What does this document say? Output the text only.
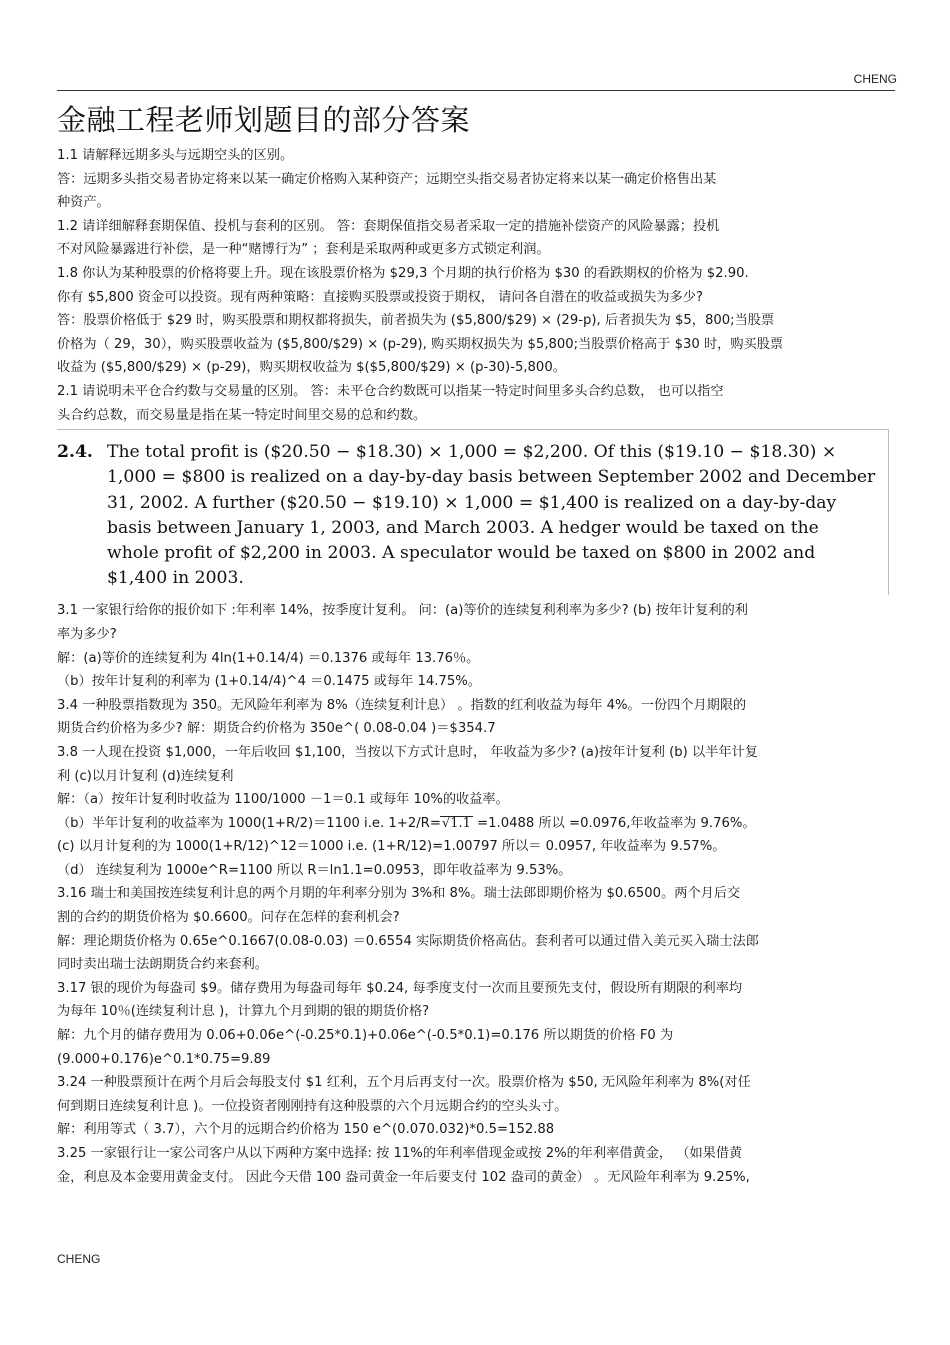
CHENG
金融工程老师划题目的部分答案

1.1 请解释远期多头与远期空头的区别。

答：远期多头指交易者协定将来以某一确定价格购入某种资产；远期空头指交易者协定将来以某一确定价格售出某

种资产。

1.2 请详细解释套期保值、投机与套利的区别。 答：套期保值指交易者采取一定的措施补偿资产的风险暴露；投机

不对风险暴露进行补偿，是一种“赌博行为” ；套利是采取两种或更多方式锁定利润。

1.8 你认为某种股票的价格将要上升。现在该股票价格为 $29,3 个月期的执行价格为 $30 的看跌期权的价格为 $2.90.

你有 $5,800 资金可以投资。现有两种策略：直接购买股票或投资于期权， 请问各自潜在的收益或损失为多少?

答：股票价格低于 $29 时，购买股票和期权都将损失，前者损失为 ($5,800/$29) × (29-p), 后者损失为 $5，800;当股票

价格为（ 29，30），购买股票收益为 ($5,800/$29) × (p-29), 购买期权损失为 $5,800;当股票价格高于 $30 时，购买股票

收益为 ($5,800/$29) × (p-29)，购买期权收益为 $($5,800/$29) × (p-30)-5,800。

2.1 请说明未平仓合约数与交易量的区别。 答：未平仓合约数既可以指某一特定时间里多头合约总数， 也可以指空

头合约总数，而交易量是指在某一特定时间里交易的总和约数。

2.4. The total profit is ($20.50 − $18.30) × 1,000 = $2,200. Of this ($19.10 − $18.30) ×
1,000 = $800 is realized on a day-by-day basis between September 2002 and December
31, 2002. A further ($20.50 − $19.10) × 1,000 = $1,400 is realized on a day-by-day
basis between January 1, 2003, and March 2003. A hedger would be taxed on the
whole profit of $2,200 in 2003. A speculator would be taxed on $800 in 2002 and
$1,400 in 2003.

3.1 一家银行给你的报价如下 :年利率 14%，按季度计复利。 问：(a)等价的连续复利利率为多少? (b) 按年计复利的利

率为多少?

解：(a)等价的连续复利为 4ln(1+0.14/4) ＝0.1376 或每年 13.76％。

（b）按年计复利的利率为 (1+0.14/4)^4 ＝0.1475 或每年 14.75%。

3.4 一种股票指数现为 350。无风险年利率为 8%（连续复利计息） 。指数的红利收益为每年 4%。一份四个月期限的

期货合约价格为多少? 解：期货合约价格为 350e^( 0.08-0.04 )＝$354.7

3.8 一人现在投资 $1,000，一年后收回 $1,100，当按以下方式计息时， 年收益为多少? (a)按年计复利 (b) 以半年计复

利 (c)以月计复利 (d)连续复利

解：（a）按年计复利时收益为 1100/1000 －1＝0.1 或每年 10%的收益率。

（b）半年计复利的收益率为 1000(1+R/2)＝1100 i.e. 1+2/R=√1.1 =1.0488 所以 =0.0976,年收益率为 9.76%。

(c) 以月计复利的为 1000(1+R/12)^12＝1000 i.e. (1+R/12)=1.00797 所以＝ 0.0957, 年收益率为 9.57%。

（d） 连续复利为 1000e^R=1100 所以 R＝ln1.1=0.0953，即年收益率为 9.53%。

3.16 瑞士和美国按连续复利计息的两个月期的年利率分别为 3%和 8%。瑞士法郎即期价格为 $0.6500。两个月后交

割的合约的期货价格为 $0.6600。问存在怎样的套利机会?

解：理论期货价格为 0.65e^0.1667(0.08-0.03) ＝0.6554 实际期货价格高估。套利者可以通过借入美元买入瑞士法郎

同时卖出瑞士法朗期货合约来套利。

3.17 银的现价为每盎司 $9。储存费用为每盎司每年 $0.24, 每季度支付一次而且要预先支付，假设所有期限的利率均

为每年 10％(连续复利计息 )，计算九个月到期的银的期货价格?

解：九个月的储存费用为 0.06+0.06e^(-0.25*0.1)+0.06e^(-0.5*0.1)=0.176 所以期货的价格 F0 为

(9.000+0.176)e^0.1*0.75=9.89

3.24 一种股票预计在两个月后会每股支付 $1 红利，五个月后再支付一次。股票价格为 $50, 无风险年利率为 8%(对任

何到期日连续复利计息 )。一位投资者刚刚持有这种股票的六个月远期合约的空头头寸。

解：利用等式（ 3.7），六个月的远期合约价格为 150 e^(0.070.032)*0.5=152.88

3.25 一家银行让一家公司客户从以下两种方案中选择: 按 11%的年利率借现金或按 2%的年利率借黄金， （如果借黄

金，利息及本金要用黄金支付。 因此今天借 100 盎司黄金一年后要支付 102 盎司的黄金） 。无风险年利率为 9.25%,

CHENG
